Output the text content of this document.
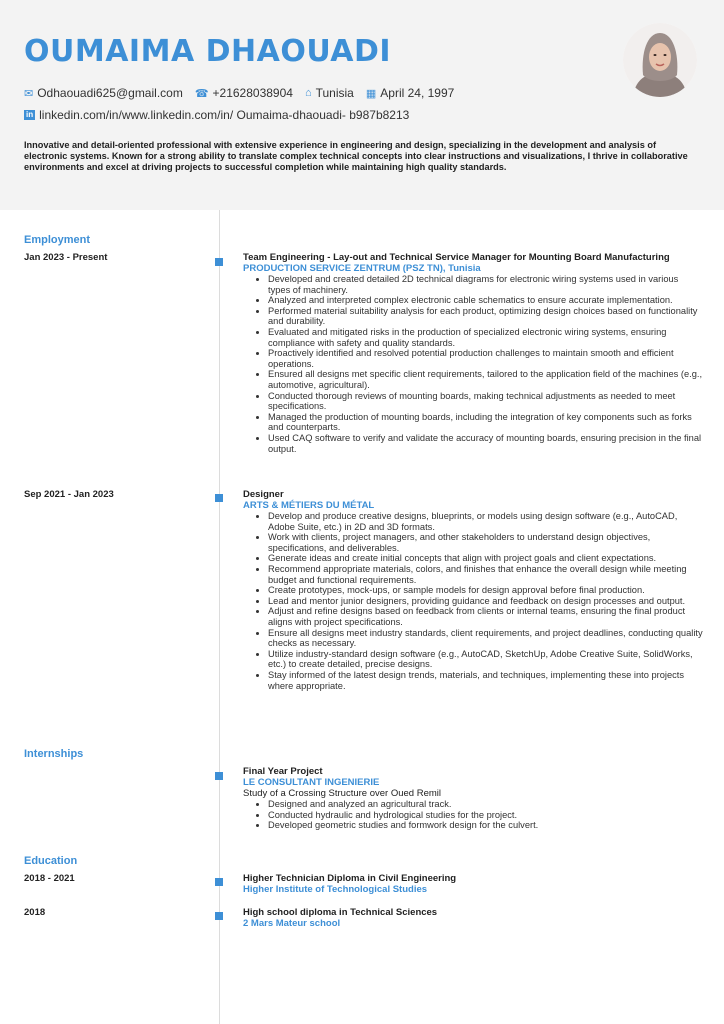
OUMAIMA DHAOUADI
✉ Odhaouadi625@gmail.com ☎ +21628038904 ⌂ Tunisia ▦ April 24, 1997
in linkedin.com/in/www.linkedin.com/in/ Oumaima-dhaouadi- b987b8213
Innovative and detail-oriented professional with extensive experience in engineering and design, specializing in the development and analysis of electronic systems. Known for a strong ability to translate complex technical concepts into clear instructions and visualizations, I thrive in collaborative environments and excel at driving projects to successful completion while maintaining high quality standards.
Employment
Jan 2023 - Present	Team Engineering - Lay-out and Technical Service Manager for Mounting Board Manufacturing
PRODUCTION SERVICE ZENTRUM (PSZ TN), Tunisia
• Developed and created detailed 2D technical diagrams for electronic wiring systems used in various types of machinery.
• Analyzed and interpreted complex electronic cable schematics to ensure accurate implementation.
• Performed material suitability analysis for each product, optimizing design choices based on functionality and durability.
• Evaluated and mitigated risks in the production of specialized electronic wiring systems, ensuring compliance with safety and quality standards.
• Proactively identified and resolved potential production challenges to maintain smooth and efficient operations.
• Ensured all designs met specific client requirements, tailored to the application field of the machines (e.g., automotive, agricultural).
• Conducted thorough reviews of mounting boards, making technical adjustments as needed to meet specifications.
• Managed the production of mounting boards, including the integration of key components such as forks and counterparts.
• Used CAQ software to verify and validate the accuracy of mounting boards, ensuring precision in the final output.
Sep 2021 - Jan 2023	Designer
ARTS & MÉTIERS DU MÉTAL
• Develop and produce creative designs, blueprints, or models using design software (e.g., AutoCAD, Adobe Suite, etc.) in 2D and 3D formats.
• Work with clients, project managers, and other stakeholders to understand design objectives, specifications, and deliverables.
• Generate ideas and create initial concepts that align with project goals and client expectations.
• Recommend appropriate materials, colors, and finishes that enhance the overall design while meeting budget and functional requirements.
• Create prototypes, mock-ups, or sample models for design approval before final production.
• Lead and mentor junior designers, providing guidance and feedback on design processes and output.
• Adjust and refine designs based on feedback from clients or internal teams, ensuring the final product aligns with project specifications.
• Ensure all designs meet industry standards, client requirements, and project deadlines, conducting quality checks as necessary.
• Utilize industry-standard design software (e.g., AutoCAD, SketchUp, Adobe Creative Suite, SolidWorks, etc.) to create detailed, precise designs.
• Stay informed of the latest design trends, materials, and techniques, implementing these into projects where appropriate.
Internships
Final Year Project
LE CONSULTANT INGENIERIE
Study of a Crossing Structure over Oued Remil
• Designed and analyzed an agricultural track.
• Conducted hydraulic and hydrological studies for the project.
• Developed geometric studies and formwork design for the culvert.
Education
2018 - 2021	Higher Technician Diploma in Civil Engineering
Higher Institute of Technological Studies
2018	High school diploma in Technical Sciences
2 Mars Mateur school
